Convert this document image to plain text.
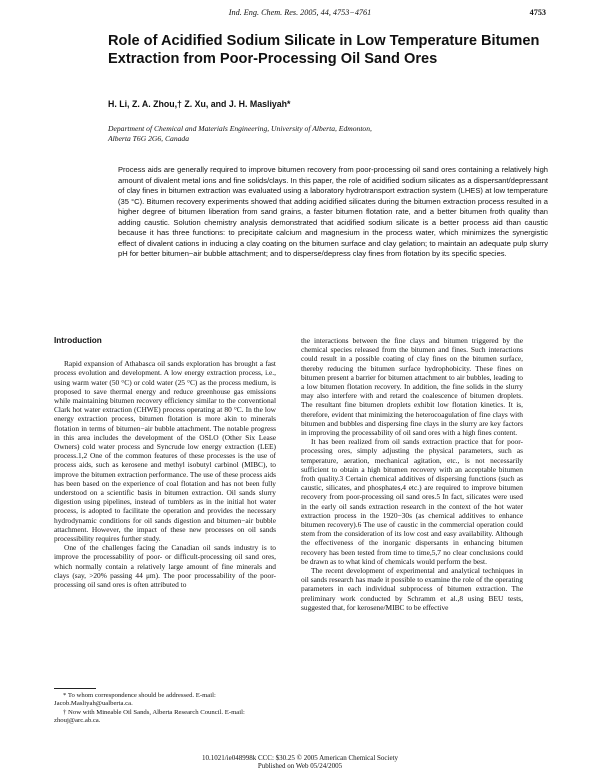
Ind. Eng. Chem. Res. 2005, 44, 4753−4761	4753
Role of Acidified Sodium Silicate in Low Temperature Bitumen Extraction from Poor-Processing Oil Sand Ores
H. Li, Z. A. Zhou,† Z. Xu, and J. H. Masliyah*
Department of Chemical and Materials Engineering, University of Alberta, Edmonton,
Alberta T6G 2G6, Canada

Process aids are generally required to improve bitumen recovery from poor-processing oil sand ores containing a relatively high amount of divalent metal ions and fine solids/clays. In this paper, the role of acidified sodium silicates as a dispersant/depressant of clay fines in bitumen extraction was evaluated using a laboratory hydrotransport extraction system (LHES) at low temperature (35 °C). Bitumen recovery experiments showed that adding acidified silicates during the bitumen extraction process resulted in a higher degree of bitumen liberation from sand grains, a faster bitumen flotation rate, and a better bitumen froth quality than adding caustic. Solution chemistry analysis demonstrated that acidified sodium silicate is a better process aid than caustic because it has three functions: to precipitate calcium and magnesium in the process water, which minimizes the synergistic effect of divalent cations in inducing a clay coating on the bitumen surface and clay gelation; to maintain an adequate pulp slurry pH for better bitumen−air bubble attachment; and to disperse/depress clay fines from flotation by its specific species.

Introduction

Rapid expansion of Athabasca oil sands exploration has brought a fast process evolution and development. A low energy extraction process, i.e., using warm water (50 °C) or cold water (25 °C) as the process medium, is proposed to save thermal energy and reduce greenhouse gas emissions while maintaining bitumen recovery efficiency similar to the conventional Clark hot water extraction (CHWE) process operating at 80 °C. In the low energy extraction process, bitumen flotation is more akin to minerals flotation in terms of bitumen−air bubble attachment. The notable progress in this area includes the development of the OSLO (Other Six Lease Owners) cold water process and Syncrude low energy extraction (LEE) process.1,2 One of the common features of these processes is the use of process aids, such as kerosene and methyl isobutyl carbinol (MIBC), to improve the bitumen extraction performance. The use of these process aids has been based on the experience of coal flotation and has not been fully understood on a scientific basis in bitumen extraction. Oil sands slurry digestion using pipelines, instead of tumblers as in the initial hot water process, is adopted to facilitate the operation and provides the necessary hydrodynamic conditions for oil sands digestion and bitumen−air bubble attachment. However, the impact of these new processes on oil sands processibility requires further study.

One of the challenges facing the Canadian oil sands industry is to improve the processability of poor- or difficult-processing oil sand ores, which normally contain a relatively large amount of fine minerals and clays (say, >20% passing 44 μm). The poor processability of the poor-processing oil sand ores is often attributed to

the interactions between the fine clays and bitumen triggered by the chemical species released from the bitumen and fines. Such interactions could result in a possible coating of clay fines on the bitumen surface, thereby reducing the bitumen surface hydrophobicity. These fines on bitumen present a barrier for bitumen attachment to air bubbles, leading to a low bitumen flotation recovery. In addition, the fine solids in the slurry may also interfere with and retard the coalescence of bitumen droplets. The resultant fine bitumen droplets exhibit low flotation kinetics. It is, therefore, evident that minimizing the heterocoagulation of fine clays with bitumen and bubbles and dispersing fine clays in the slurry are key factors in improving the processability of oil sand ores with a high fines content.

It has been realized from oil sands extraction practice that for poor-processing ores, simply adjusting the physical parameters, such as temperature, aeration, mechanical agitation, etc., is not necessarily sufficient to obtain a high bitumen recovery with an acceptable bitumen froth quality.3 Certain chemical additives of dispersing functions (such as caustic, silicates, and phosphates,4 etc.) are required to improve bitumen recovery from poor-processing oil sand ores.5 In fact, silicates were used in the early oil sands extraction research in the context of the hot water extraction process in the 1920−30s (as chemical additives to enhance bitumen recovery).6 The use of caustic in the commercial operation could stem from the consideration of its low cost and easy availability. Although the effectiveness of the inorganic dispersants in enhancing bitumen recovery has been tested from time to time,5,7 no clear conclusions could be drawn as to what kind of chemicals would perform the best.

The recent development of experimental and analytical techniques in oil sands research has made it possible to examine the role of the operating parameters in each individual subprocess of bitumen extraction. The preliminary work conducted by Schramm et al.,8 using BEU tests, suggested that, for kerosene/MIBC to be effective

* To whom correspondence should be addressed. E-mail: Jacob.Masliyah@ualberta.ca.
† Now with Mineable Oil Sands, Alberta Research Council. E-mail: zhouj@arc.ab.ca.
10.1021/ie048998k CCC: $30.25 © 2005 American Chemical Society
Published on Web 05/24/2005
